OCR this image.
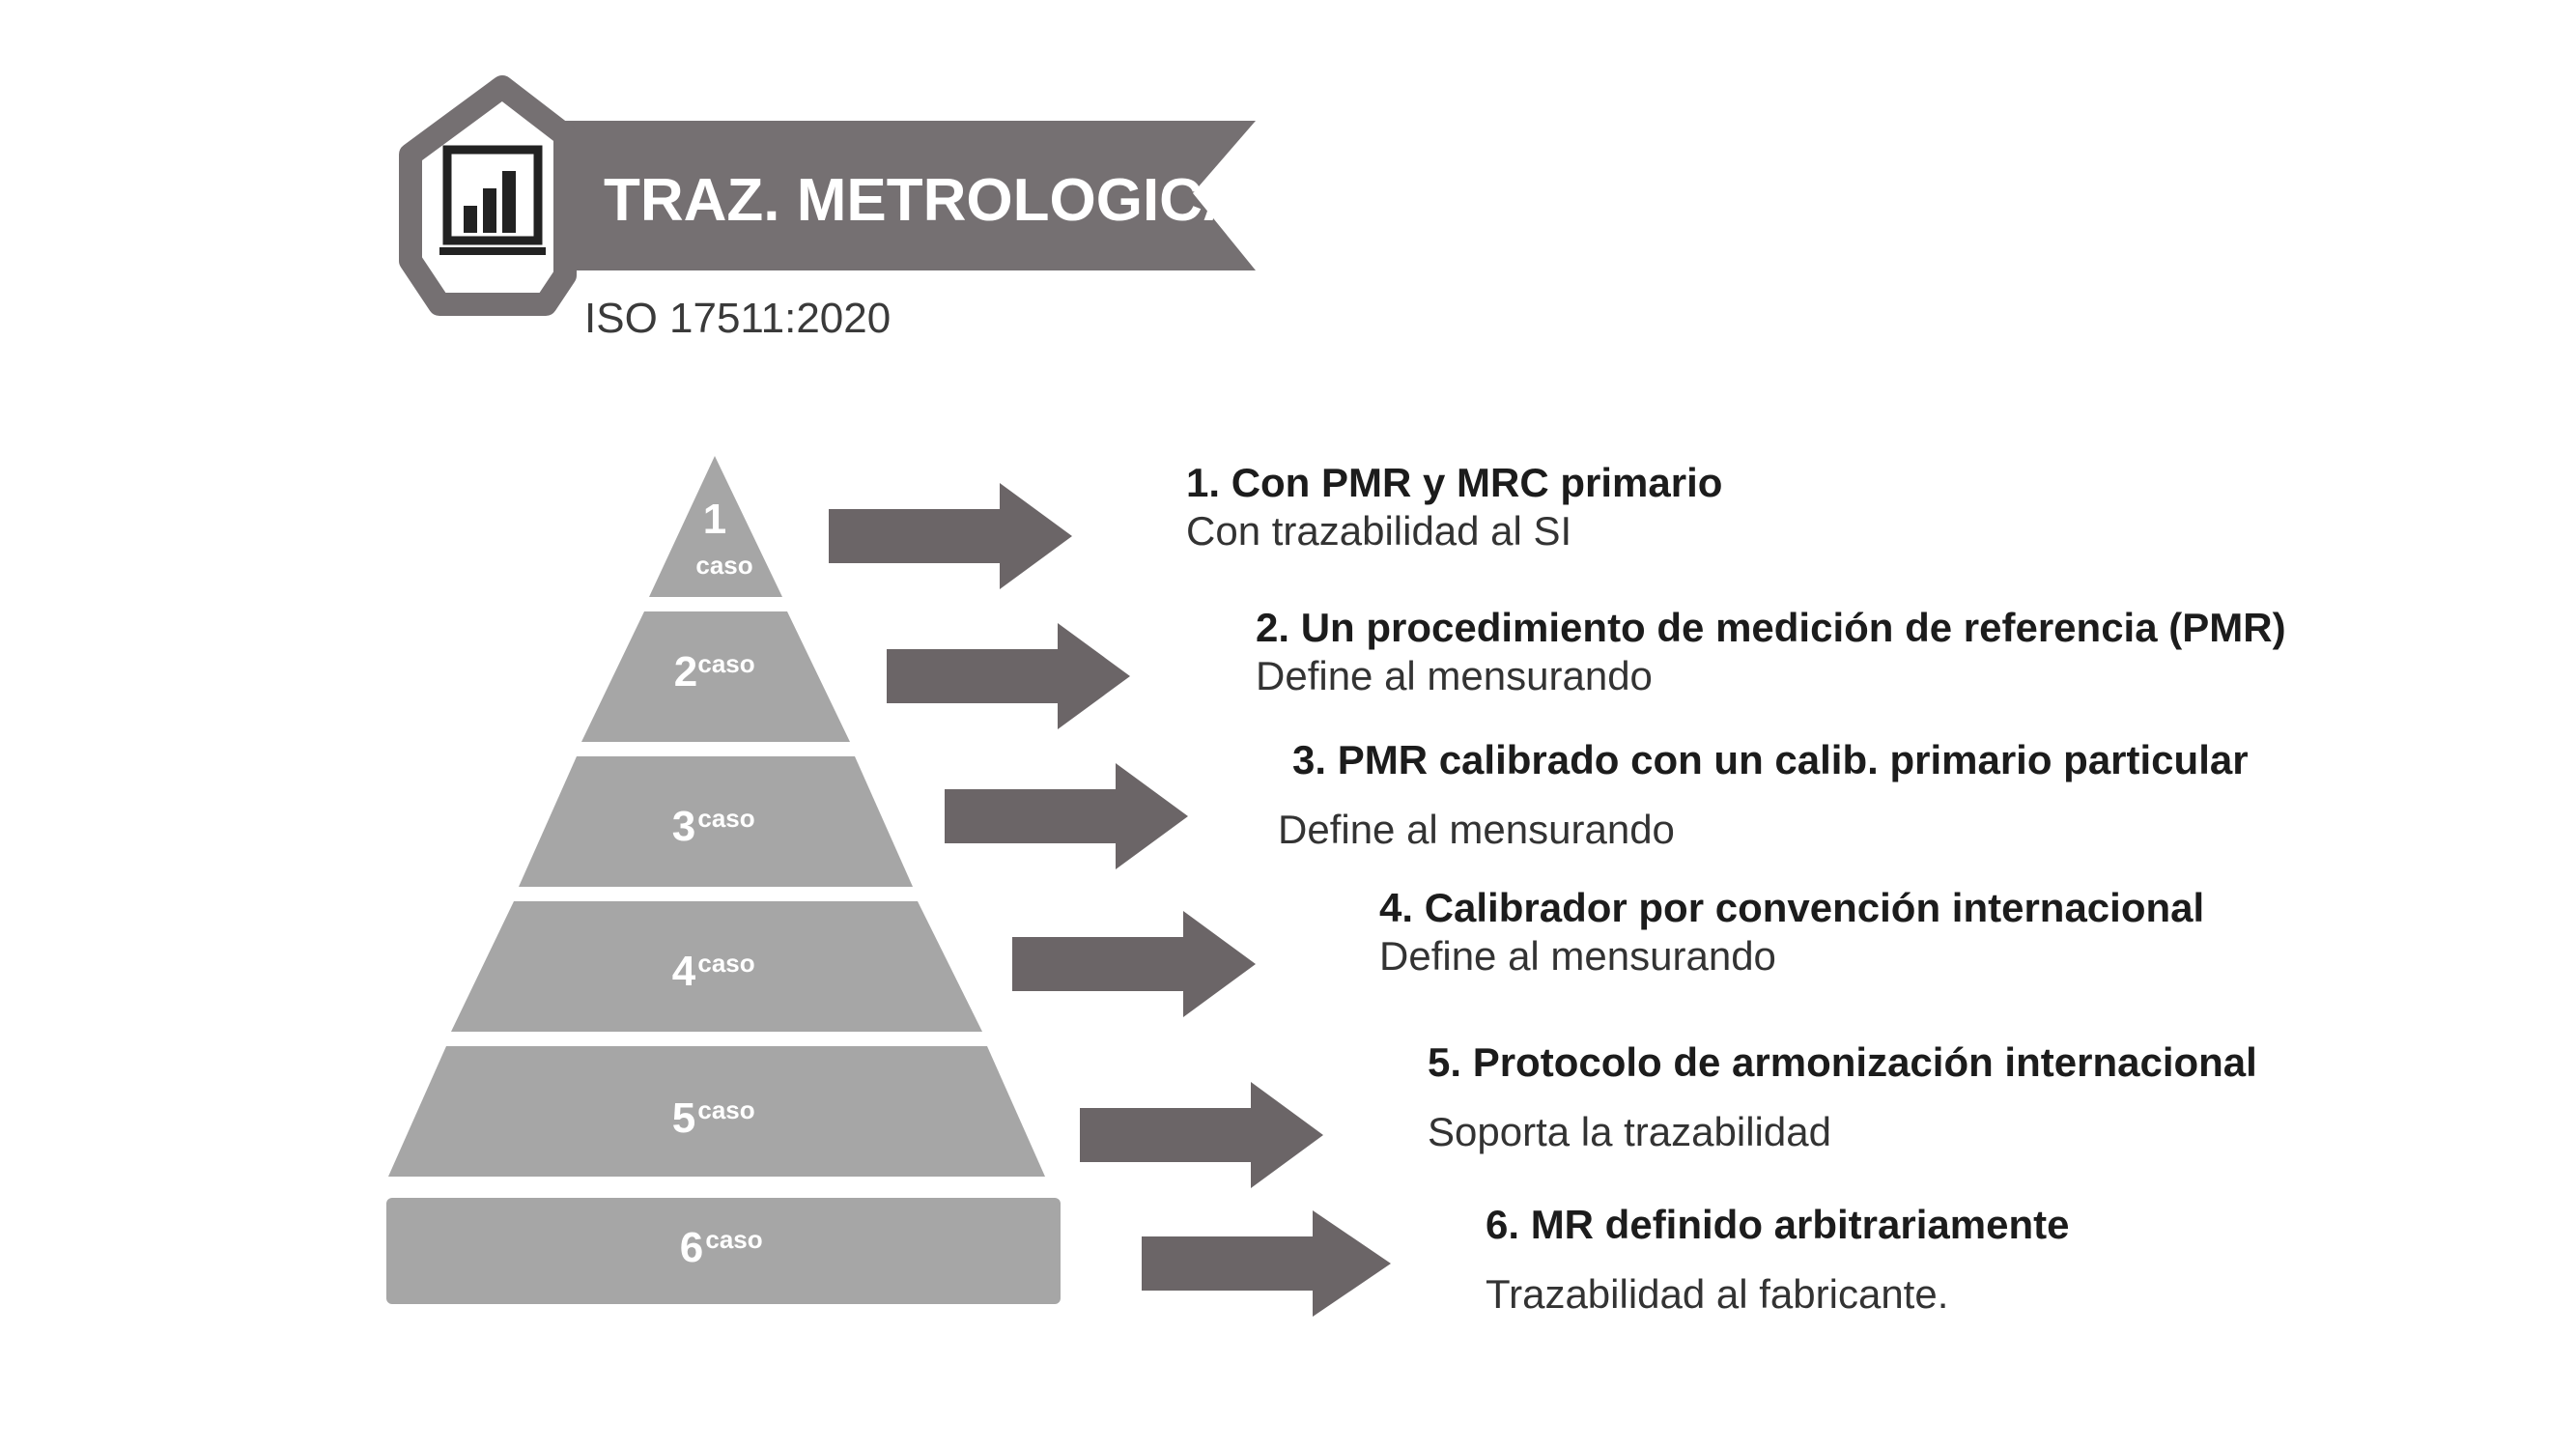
TRAZ. METROLOGICA
1
caso
2 caso
3 caso
4 caso
5 caso
6 caso
ISO 17511:2020
1. Con PMR y MRC primario
Con trazabilidad al SI
2. Un procedimiento de medición de referencia (PMR)
Define al mensurando
3. PMR calibrado con un calib. primario particular
Define al mensurando
4. Calibrador por convención internacional
Define al mensurando
5. Protocolo de armonización internacional
Soporta la trazabilidad
6. MR definido arbitrariamente
Trazabilidad al fabricante.
